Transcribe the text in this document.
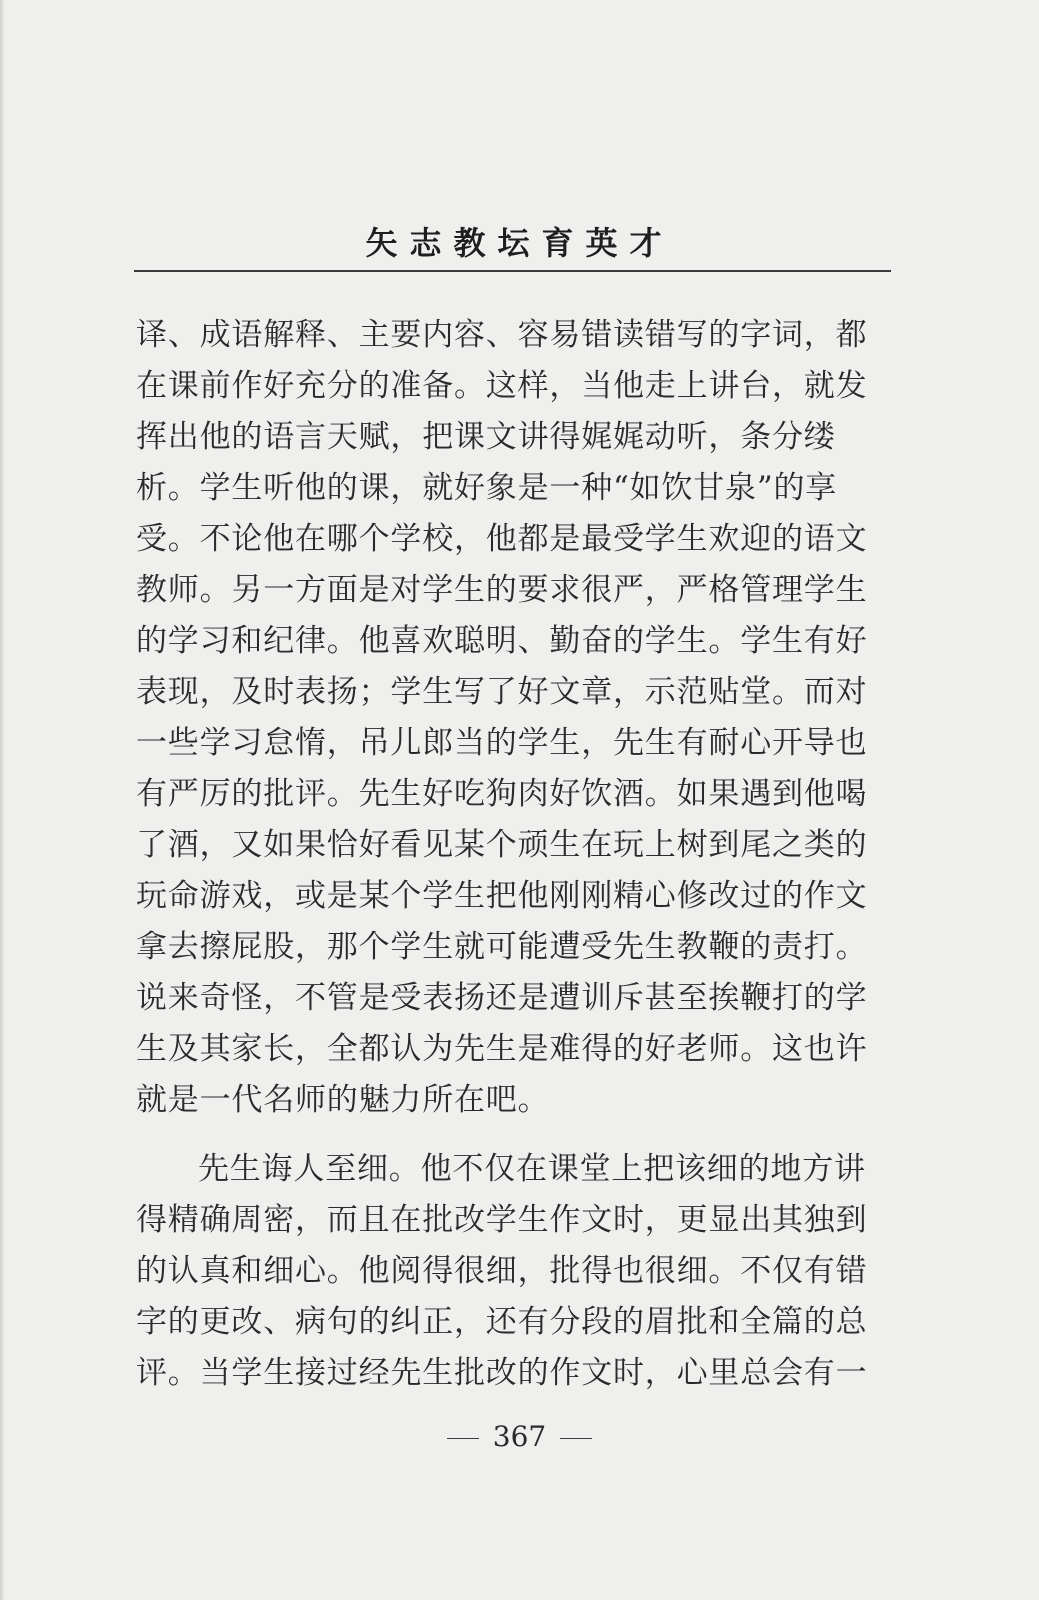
矢志教坛育英才
译、成语解释、主要内容、容易错读错写的字词，都
在课前作好充分的准备。这样，当他走上讲台，就发
挥出他的语言天赋，把课文讲得娓娓动听，条分缕
析。学生听他的课，就好象是一种“如饮甘泉”的享
受。不论他在哪个学校，他都是最受学生欢迎的语文
教师。另一方面是对学生的要求很严，严格管理学生
的学习和纪律。他喜欢聪明、勤奋的学生。学生有好
表现，及时表扬；学生写了好文章，示范贴堂。而对
一些学习怠惰，吊儿郎当的学生，先生有耐心开导也
有严厉的批评。先生好吃狗肉好饮酒。如果遇到他喝
了酒，又如果恰好看见某个顽生在玩上树到尾之类的
玩命游戏，或是某个学生把他刚刚精心修改过的作文
拿去擦屁股，那个学生就可能遭受先生教鞭的责打。
说来奇怪，不管是受表扬还是遭训斥甚至挨鞭打的学
生及其家长，全都认为先生是难得的好老师。这也许
就是一代名师的魅力所在吧。
先生诲人至细。他不仅在课堂上把该细的地方讲
得精确周密，而且在批改学生作文时，更显出其独到
的认真和细心。他阅得很细，批得也很细。不仅有错
字的更改、病句的纠正，还有分段的眉批和全篇的总
评。当学生接过经先生批改的作文时，心里总会有一
367
